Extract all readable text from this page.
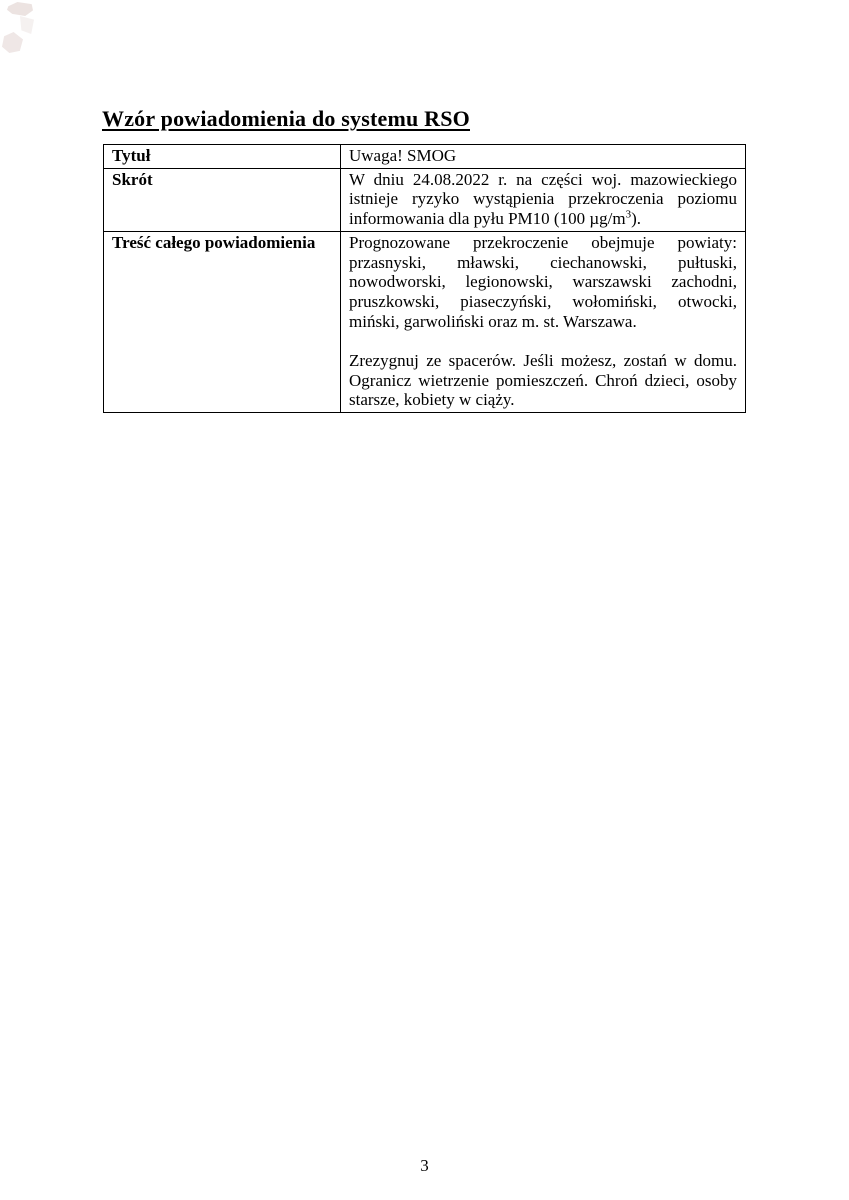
Wzór powiadomienia do systemu RSO
Tytuł	Uwaga! SMOG
Skrót	W dniu 24.08.2022 r. na części woj. mazowieckiego istnieje ryzyko wystąpienia przekroczenia poziomu informowania dla pyłu PM10 (100 $\mu g/m^3$).
Treść całego powiadomienia	Prognozowane przekroczenie obejmuje powiaty: przasnyski, mławski, ciechanowski, pułtuski, nowodworski, legionowski, warszawski zachodni, pruszkowski, piaseczyński, wołomiński, otwocki, miński, garwoliński oraz m. st. Warszawa.

Zrezygnuj ze spacerów. Jeśli możesz, zostań w domu. Ogranicz wietrzenie pomieszczeń. Chroń dzieci, osoby starsze, kobiety w ciąży.

3
